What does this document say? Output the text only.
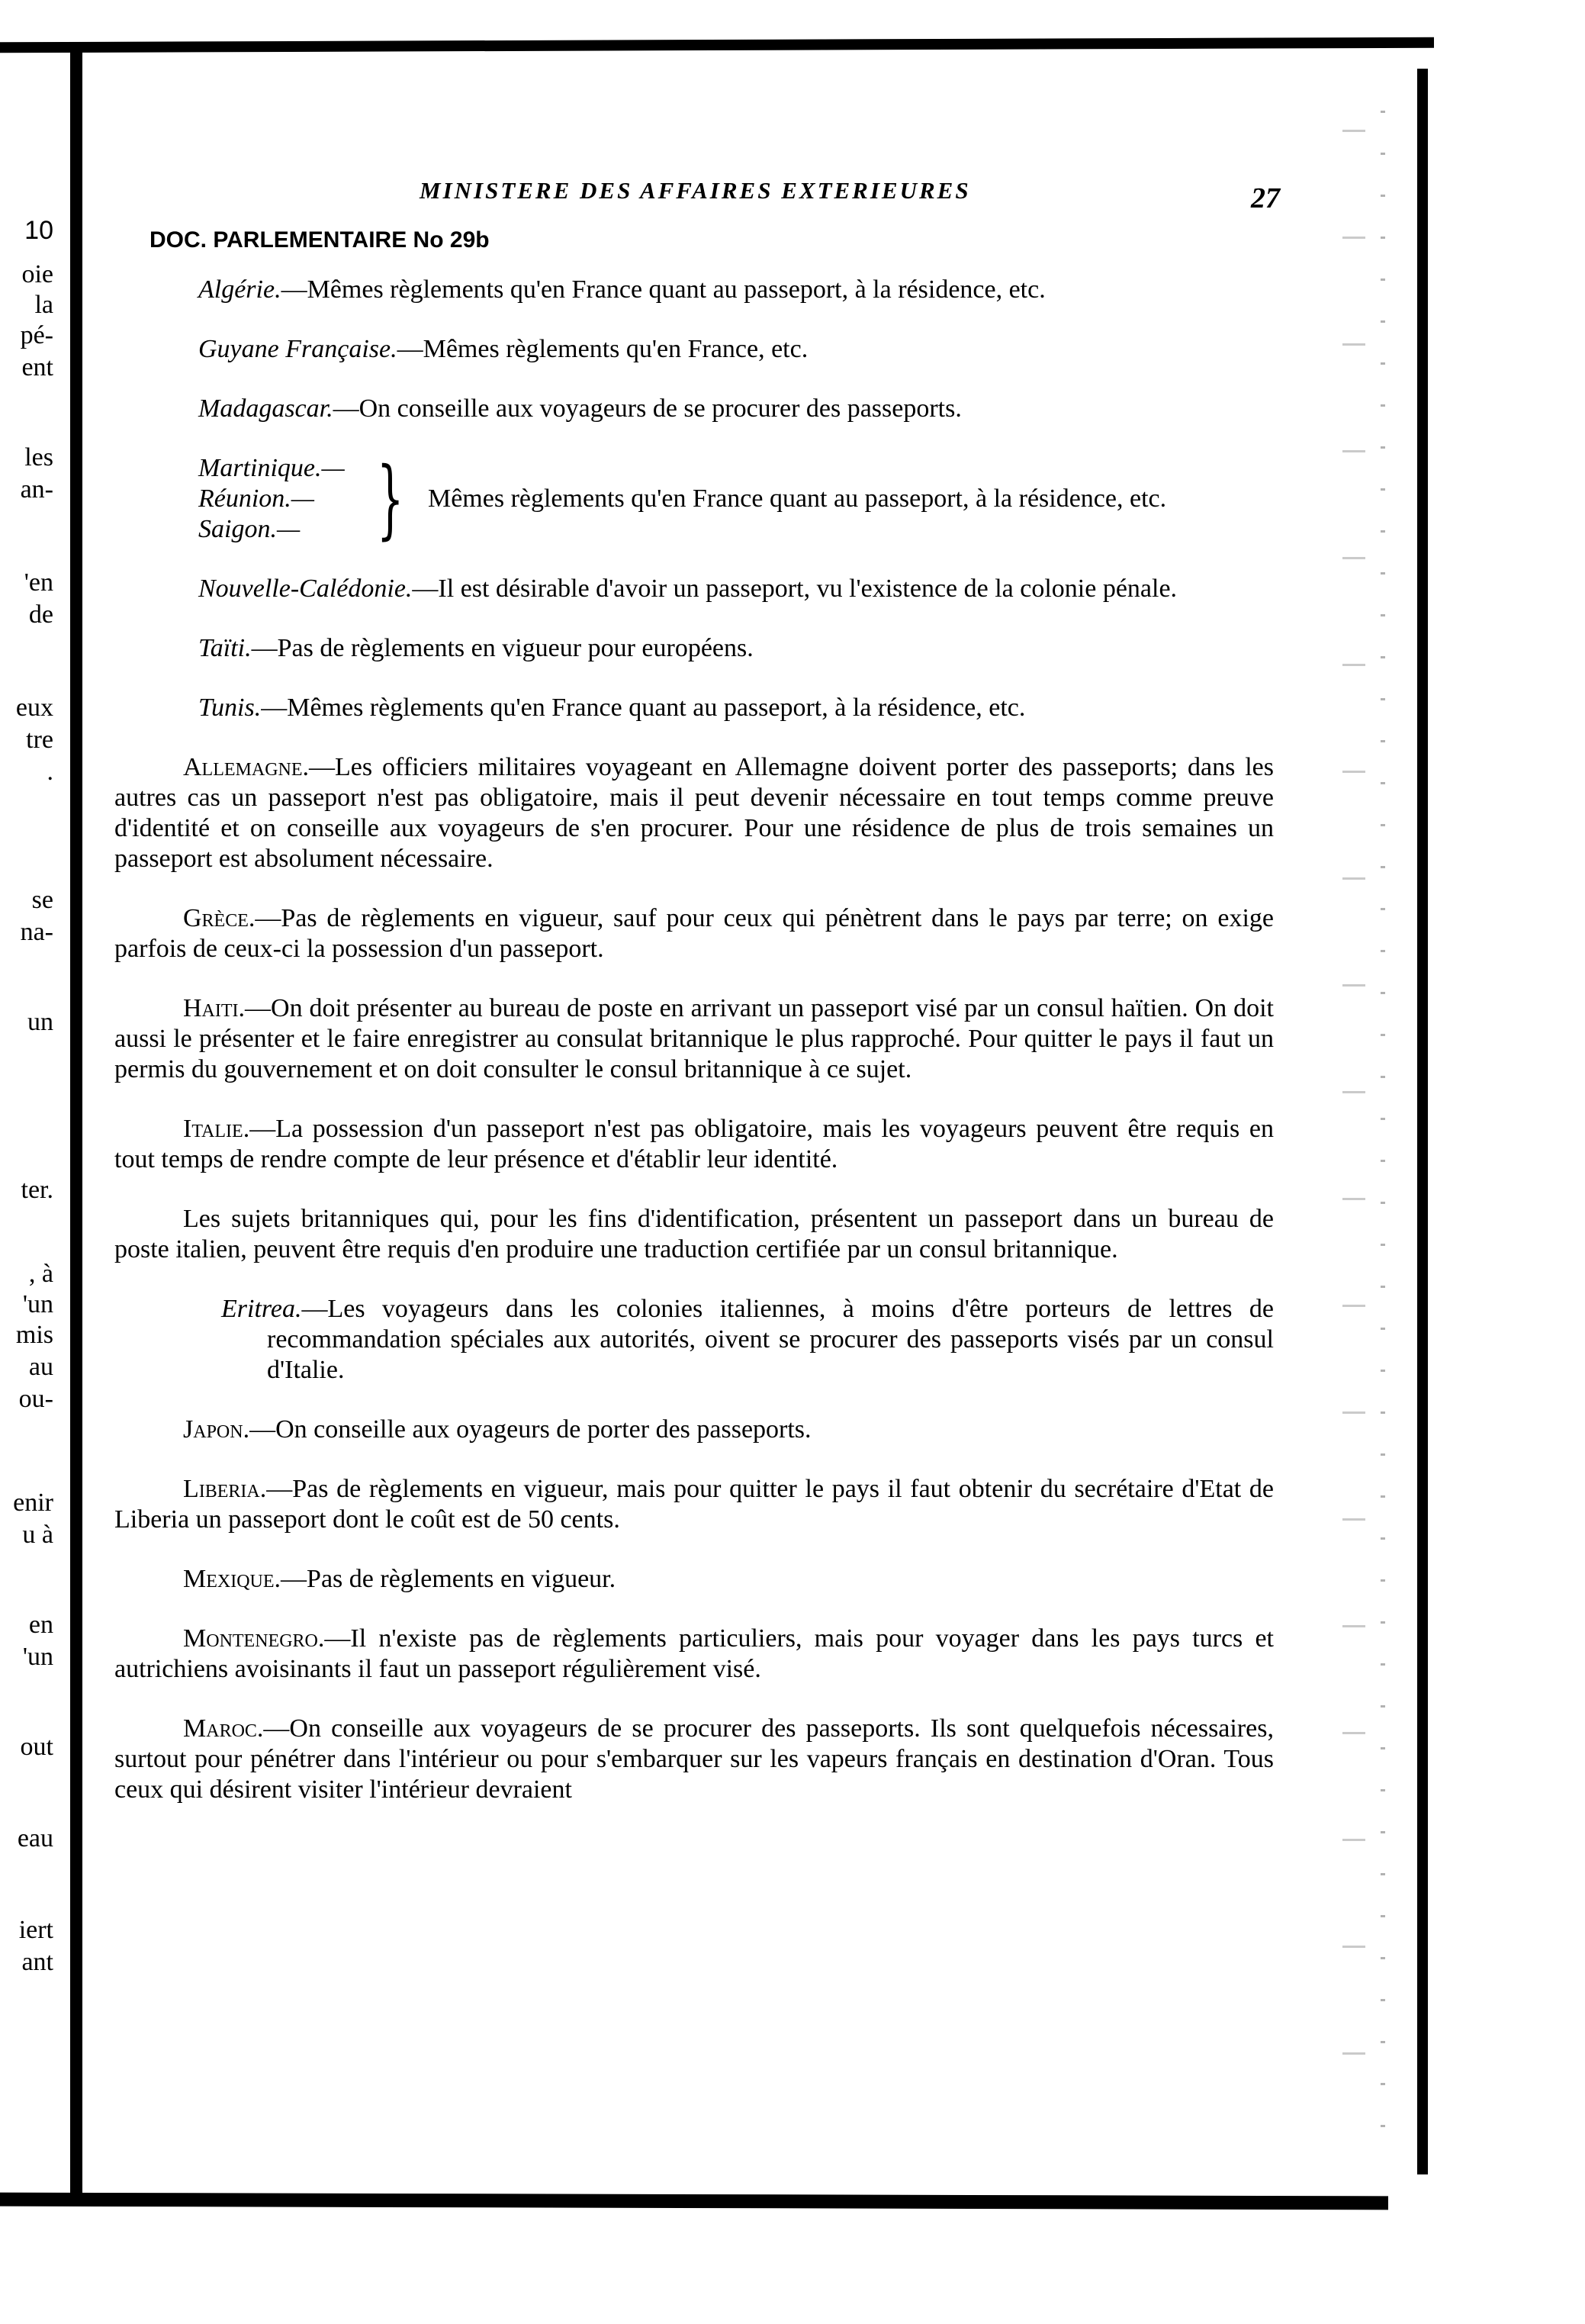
10
oie
la
pé-
ent
les
an-
'en
de
eux
tre
.
se
na-
un
ter.
, à
'un
mis
au
ou-
enir
u à
en
'un
out
eau
iert
ant
MINISTERE DES AFFAIRES EXTERIEURES	27
DOC. PARLEMENTAIRE No 29b

Algérie.—Mêmes règlements qu'en France quant au passeport, à la résidence, etc.

Guyane Française.—Mêmes règlements qu'en France, etc.

Madagascar.—On conseille aux voyageurs de se procurer des passeports.

Martinique.—
Réunion.—
Saigon.— } Mêmes règlements qu'en France quant au passeport, à la résidence, etc.

Nouvelle-Calédonie.—Il est désirable d'avoir un passeport, vu l'existence de la colonie pénale.

Taïti.—Pas de règlements en vigueur pour européens.

Tunis.—Mêmes règlements qu'en France quant au passeport, à la résidence, etc.

Allemagne.—Les officiers militaires voyageant en Allemagne doivent porter des passeports; dans les autres cas un passeport n'est pas obligatoire, mais il peut devenir nécessaire en tout temps comme preuve d'identité et on conseille aux voyageurs de s'en procurer. Pour une résidence de plus de trois semaines un passeport est absolument nécessaire.

Grèce.—Pas de règlements en vigueur, sauf pour ceux qui pénètrent dans le pays par terre; on exige parfois de ceux-ci la possession d'un passeport.

Haiti.—On doit présenter au bureau de poste en arrivant un passeport visé par un consul haïtien. On doit aussi le présenter et le faire enregistrer au consulat britannique le plus rapproché. Pour quitter le pays il faut un permis du gouvernement et on doit consulter le consul britannique à ce sujet.

Italie.—La possession d'un passeport n'est pas obligatoire, mais les voyageurs peuvent être requis en tout temps de rendre compte de leur présence et d'établir leur identité.

Les sujets britanniques qui, pour les fins d'identification, présentent un passeport dans un bureau de poste italien, peuvent être requis d'en produire une traduction certifiée par un consul britannique.

Eritrea.—Les voyageurs dans les colonies italiennes, à moins d'être porteurs de lettres de recommandation spéciales aux autorités, oivent se procurer des passeports visés par un consul d'Italie.

Japon.—On conseille aux oyageurs de porter des passeports.

Liberia.—Pas de règlements en vigueur, mais pour quitter le pays il faut obtenir du secrétaire d'Etat de Liberia un passeport dont le coût est de 50 cents.

Mexique.—Pas de règlements en vigueur.

Montenegro.—Il n'existe pas de règlements particuliers, mais pour voyager dans les pays turcs et autrichiens avoisinants il faut un passeport régulièrement visé.

Maroc.—On conseille aux voyageurs de se procurer des passeports. Ils sont quelquefois nécessaires, surtout pour pénétrer dans l'intérieur ou pour s'embarquer sur les vapeurs français en destination d'Oran. Tous ceux qui désirent visiter l'intérieur devraient
